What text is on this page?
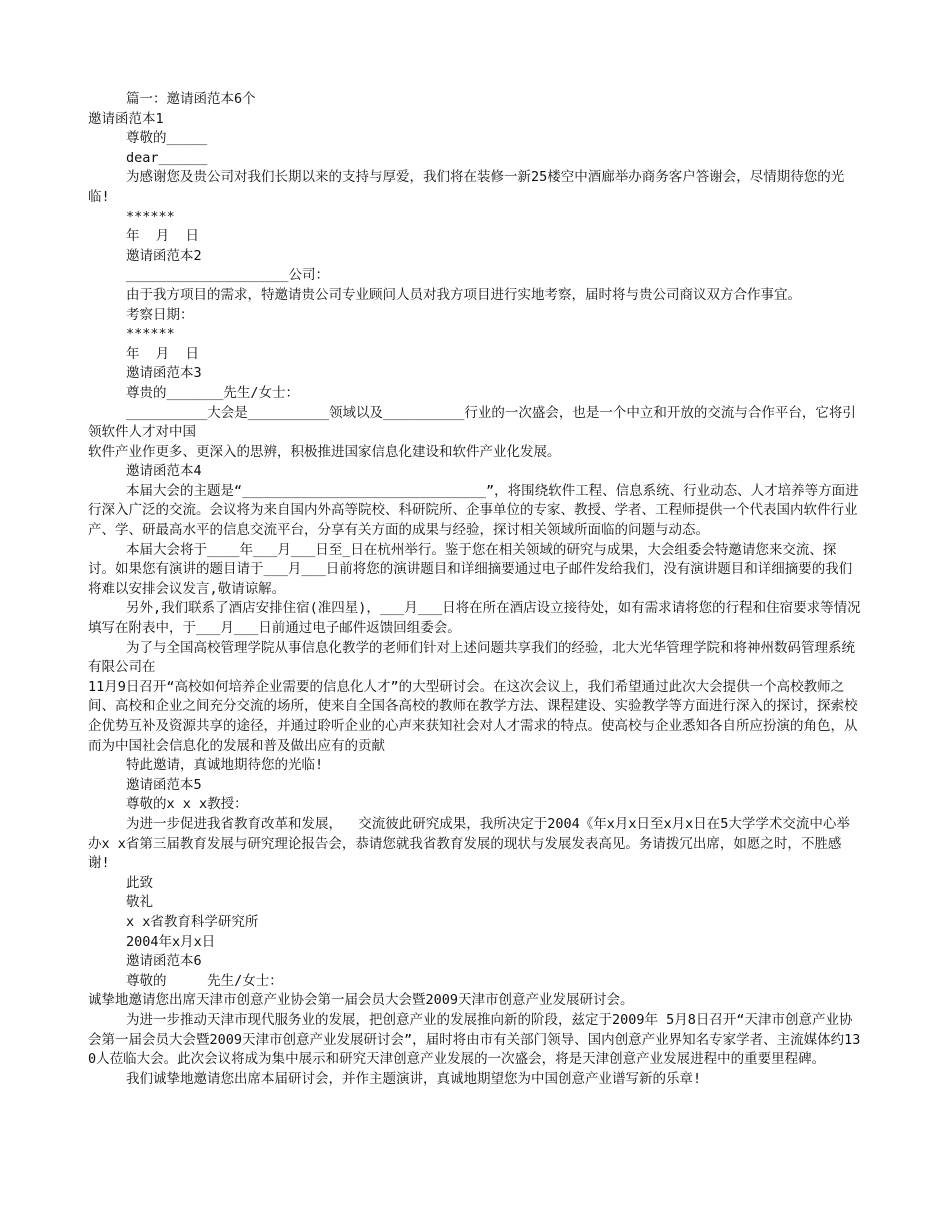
篇一：邀请函范本6个
邀请函范本1
尊敬的_____
dear______
为感谢您及贵公司对我们长期以来的支持与厚爱，我们将在装修一新25楼空中酒廊举办商务客户答谢会，尽情期待您的光临!
******
年  月  日
邀请函范本2
____________________公司：
由于我方项目的需求，特邀请贵公司专业顾问人员对我方项目进行实地考察，届时将与贵公司商议双方合作事宜。
考察日期：
******
年  月  日
邀请函范本3
尊贵的_______先生/女士：
__________大会是__________领域以及__________行业的一次盛会，也是一个中立和开放的交流与合作平台，它将引领软件人才对中国
软件产业作更多、更深入的思辨，积极推进国家信息化建设和软件产业化发展。
邀请函范本4
本届大会的主题是“______________________________”，将围绕软件工程、信息系统、行业动态、人才培养等方面进行深入广泛的交流。会议将为来自国内外高等院校、科研院所、企事单位的专家、教授、学者、工程师提供一个代表国内软件行业产、学、研最高水平的信息交流平台，分享有关方面的成果与经验，探讨相关领域所面临的问题与动态。
本届大会将于____年___月___日至_日在杭州举行。鉴于您在相关领域的研究与成果，大会组委会特邀请您来交流、探讨。如果您有演讲的题目请于___月___日前将您的演讲题目和详细摘要通过电子邮件发给我们，没有演讲题目和详细摘要的我们将难以安排会议发言,敬请谅解。
另外,我们联系了酒店安排住宿(准四星)，___月___日将在所在酒店设立接待处，如有需求请将您的行程和住宿要求等情况填写在附表中，于___月___日前通过电子邮件返馈回组委会。
为了与全国高校管理学院从事信息化教学的老师们针对上述问题共享我们的经验，北大光华管理学院和将神州数码管理系统有限公司在
11月9日召开“高校如何培养企业需要的信息化人才”的大型研讨会。在这次会议上，我们希望通过此次大会提供一个高校教师之间、高校和企业之间充分交流的场所，使来自全国各高校的教师在教学方法、课程建设、实验教学等方面进行深入的探讨，探索校企优势互补及资源共享的途径，并通过聆听企业的心声来获知社会对人才需求的特点。使高校与企业悉知各自所应扮演的角色，从而为中国社会信息化的发展和普及做出应有的贡献
特此邀请，真诚地期待您的光临!
邀请函范本5
尊敬的x x x教授：
为进一步促进我省教育改革和发展，  交流彼此研究成果，我所决定于2004《年x月x日至x月x日在5大学学术交流中心举办x x省第三届教育发展与研究理论报告会，恭请您就我省教育发展的现状与发展发表高见。务请拨冗出席，如愿之时，不胜感谢!
此致
敬礼
x x省教育科学研究所
2004年x月x日
邀请函范本6
尊敬的     先生/女士：
诚挚地邀请您出席天津市创意产业协会第一届会员大会暨2009天津市创意产业发展研讨会。
为进一步推动天津市现代服务业的发展，把创意产业的发展推向新的阶段，兹定于2009年 5月8日召开“天津市创意产业协会第一届会员大会暨2009天津市创意产业发展研讨会”，届时将由市有关部门领导、国内创意产业界知名专家学者、主流媒体约130人莅临大会。此次会议将成为集中展示和研究天津创意产业发展的一次盛会，将是天津创意产业发展进程中的重要里程碑。
我们诚挚地邀请您出席本届研讨会，并作主题演讲，真诚地期望您为中国创意产业谱写新的乐章!
